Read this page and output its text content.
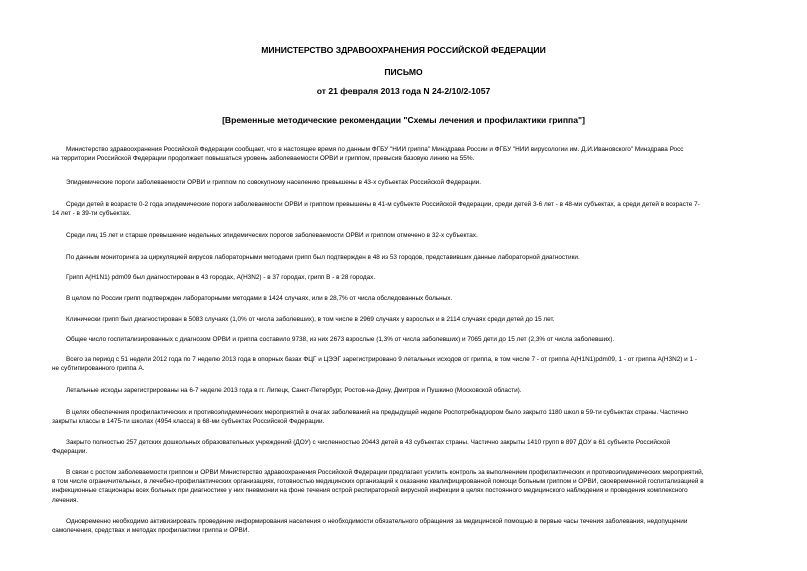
МИНИСТЕРСТВО ЗДРАВООХРАНЕНИЯ РОССИЙСКОЙ ФЕДЕРАЦИИ
ПИСЬМО
от 21 февраля 2013 года N 24-2/10/2-1057
[Временные методические рекомендации "Схемы лечения и профилактики гриппа"]
Министерство здравоохранения Российской Федерации сообщает, что в настоящее время по данным ФГБУ "НИИ гриппа" Минздрава России и ФГБУ "НИИ вирусологии им. Д.И.Ивановского" Минздрава Росс
на территории Российской Федерации продолжает повышаться уровень заболеваемости ОРВИ и гриппом, превысив базовую линию на 55%.
Эпидемические пороги заболеваемости ОРВИ и гриппом по совокупному населению превышены в 43-х субъектах Российской Федерации.
Среди детей в возрасте 0-2 года эпидемические пороги заболеваемости ОРВИ и гриппом превышены в 41-м субъекте Российской Федерации, среди детей 3-6 лет - в 48-ми субъектах, а среди детей в возрасте 7-
14 лет - в 39-ти субъектах.
Среди лиц 15 лет и старше превышение недельных эпидемических порогов заболеваемости ОРВИ и гриппом отмечено в 32-х субъектах.
По данным мониторинга за циркуляцией вирусов лабораторными методами грипп был подтвержден в 48 из 53 городов, представивших данные лабораторной диагностики.
Грипп A(H1N1) pdm09 был диагностирован в 43 городах, A(H3N2) - в 37 городах, грипп B - в 28 городах.
В целом по России грипп подтвержден лабораторными методами в 1424 случаях, или в 28,7% от числа обследованных больных.
Клинически грипп был диагностирован в 5083 случаях (1,0% от числа заболевших), в том числе в 2969 случаях у взрослых и в 2114 случаях среди детей до 15 лет.
Общее число госпитализированных с диагнозом ОРВИ и гриппа составило 9738, из них 2673 взрослые (1,3% от числа заболевших) и 7065 дети до 15 лет (2,3% от числа заболевших).
Всего за период с 51 недели 2012 года по 7 неделю 2013 года в опорных базах ФЦГ и ЦЭЭГ зарегистрировано 9 летальных исходов от гриппа, в том числе 7 - от гриппа A(H1N1)pdm09, 1 - от гриппа A(H3N2) и 1 -
не субтипированного гриппа А.
Летальные исходы зарегистрированы на 6-7 неделе 2013 года в гг. Липецк, Санкт-Петербург, Ростов-на-Дону, Дмитров и Пушкино (Московской области).
В целях обеспечения профилактических и противоэпидемических мероприятий в очагах заболеваний на предыдущей неделе Роспотребнадзором было закрыто 1180 школ в 59-ти субъектах страны. Частично
закрыты классы в 1475-ти школах (4954 класса) в 68-ми субъектах Российской Федерации.
Закрыто полностью 257 детских дошкольных образовательных учреждений (ДОУ) с численностью 20443 детей в 43 субъектах страны. Частично закрыты 1410 групп в 897 ДОУ в 61 субъекте Российской
Федерации.
В связи с ростом заболеваемости гриппом и ОРВИ Министерство здравоохранения Российской Федерации предлагает усилить контроль за выполнением профилактических и противоэпидемических мероприятий,
в том числе ограничительных, в лечебно-профилактических организациях, готовностью медицинских организаций к оказанию квалифицированной помощи больным гриппом и ОРВИ, своевременной госпитализацией в
инфекционные стационары всех больных при диагностике у них пневмонии на фоне течения острой респираторной вирусной инфекции в целях постоянного медицинского наблюдения и проведения комплексного
лечения.
Одновременно необходимо активизировать проведение информирования населения о необходимости обязательного обращения за медицинской помощью в первые часы течения заболевания, недопущении
самолечения, средствах и методах профилактики гриппа и ОРВИ.
